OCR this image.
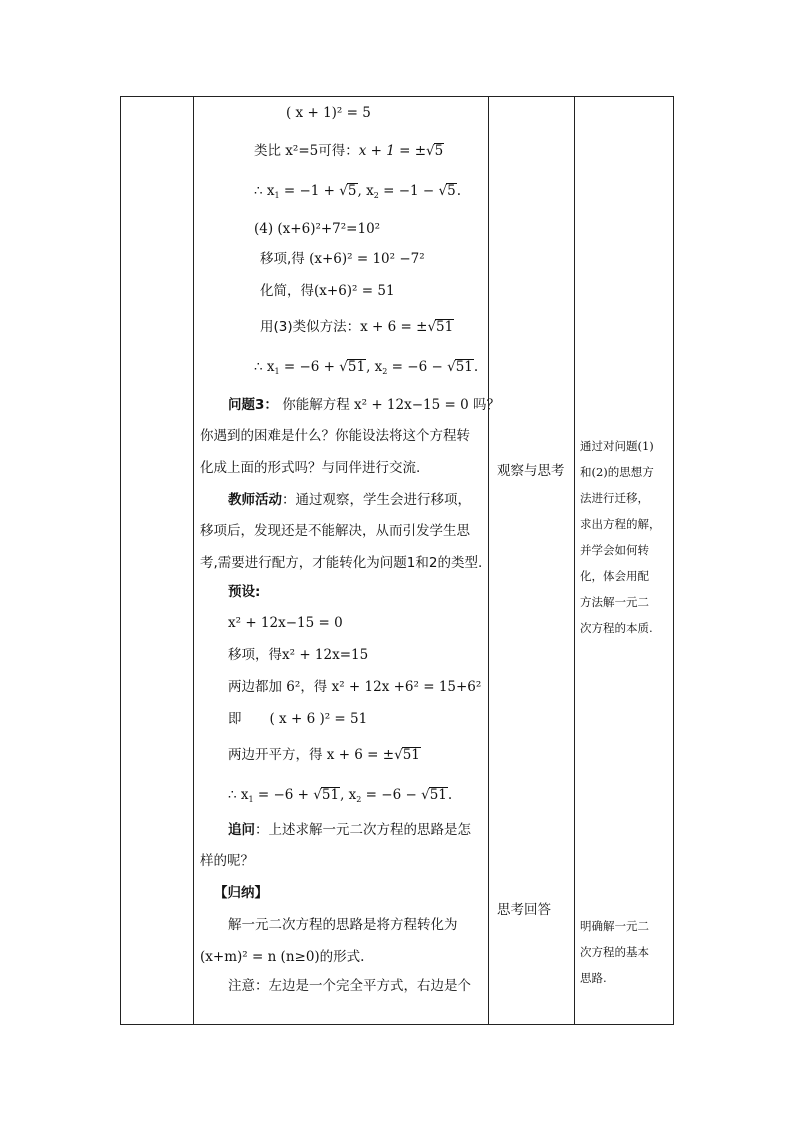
( x + 1)² = 5
类比 x²=5可得：x + 1 = ±√5
∴ $x_1 = -1 + √5$, $x_2 = -1 - √5$.
(4) (x+6)²+7²=10²
移项,得 (x+6)² = 10² −7²
化简，得(x+6)² = 51
用(3)类似方法：x + 6 = ±√51
∴ $x_1 = -6 + √51$, $x_2 = -6 - √51$.
问题3： 你能解方程 x² + 12x−15 = 0 吗？
你遇到的困难是什么？你能设法将这个方程转
化成上面的形式吗？与同伴进行交流.
教师活动：通过观察，学生会进行移项，
移项后，发现还是不能解决，从而引发学生思
考,需要进行配方，才能转化为问题1和2的类型.
预设:
x² + 12x−15 = 0
移项，得x² + 12x=15
两边都加 6²，得 x² + 12x +6² = 15+6²
即 ( x + 6 )² = 51
两边开平方，得 x + 6 = ±√51
∴ $x_1 = -6 + √51$, $x_2 = -6 - √51$.
追问：上述求解一元二次方程的思路是怎
样的呢？
【归纳】
解一元二次方程的思路是将方程转化为
(x+m)² = n (n≥0)的形式.
注意：左边是一个完全平方式，右边是个
观察与思考
思考回答
通过对问题(1)
和(2)的思想方
法进行迁移，
求出方程的解，
并学会如何转
化，体会用配
方法解一元二
次方程的本质.
明确解一元二
次方程的基本
思路.
